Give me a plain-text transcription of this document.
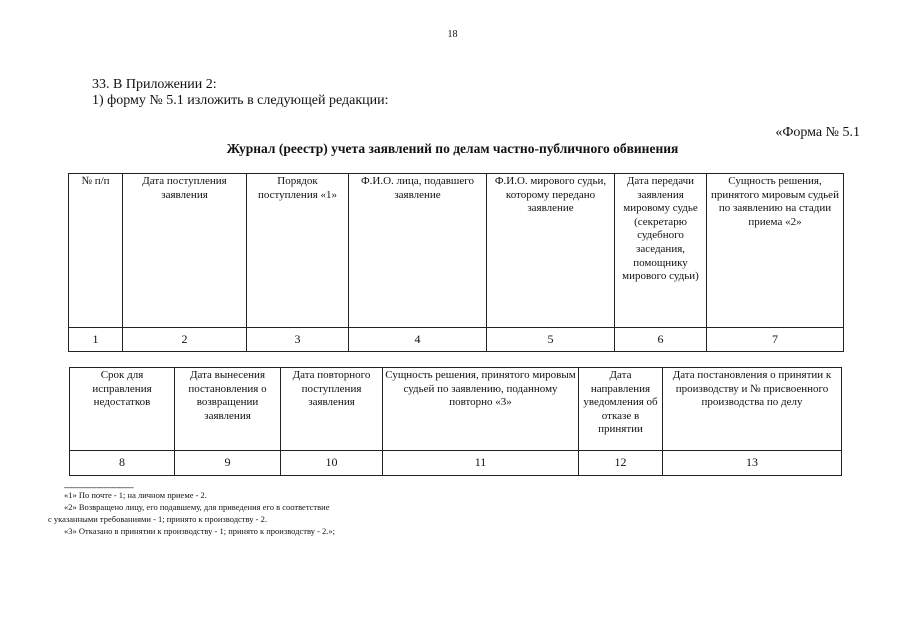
18
33. В Приложении 2:
1) форму № 5.1 изложить в следующей редакции:
«Форма № 5.1
Журнал (реестр) учета заявлений по делам частно-публичного обвинения
№ п/п	Дата поступления заявления	Порядок поступления «1»	Ф.И.О. лица, подавшего заявление	Ф.И.О. мирового судьи, которому передано заявление	Дата передачи заявления мировому судье (секретарю судебного заседания, помощнику мирового судьи)	Сущность решения, принятого мировым судьей по заявлению на стадии приема «2»
1	2	3	4	5	6	7
Срок для исправления недостатков	Дата вынесения постановления о возвращении заявления	Дата повторного поступления заявления	Сущность решения, принятого мировым судьей по заявлению, поданному повторно «3»	Дата направления уведомления об отказе в принятии	Дата постановления о принятии к производству и № присвоенного производства по делу
8	9	10	11	12	13
--------------------------------
«1» По почте - 1; на личном приеме - 2.
«2» Возвращено лицу, его подавшему, для приведения его в соответствие
с указанными требованиями - 1; принято к производству - 2.
«3» Отказано в принятии к производству - 1; принято к производству - 2.»;
